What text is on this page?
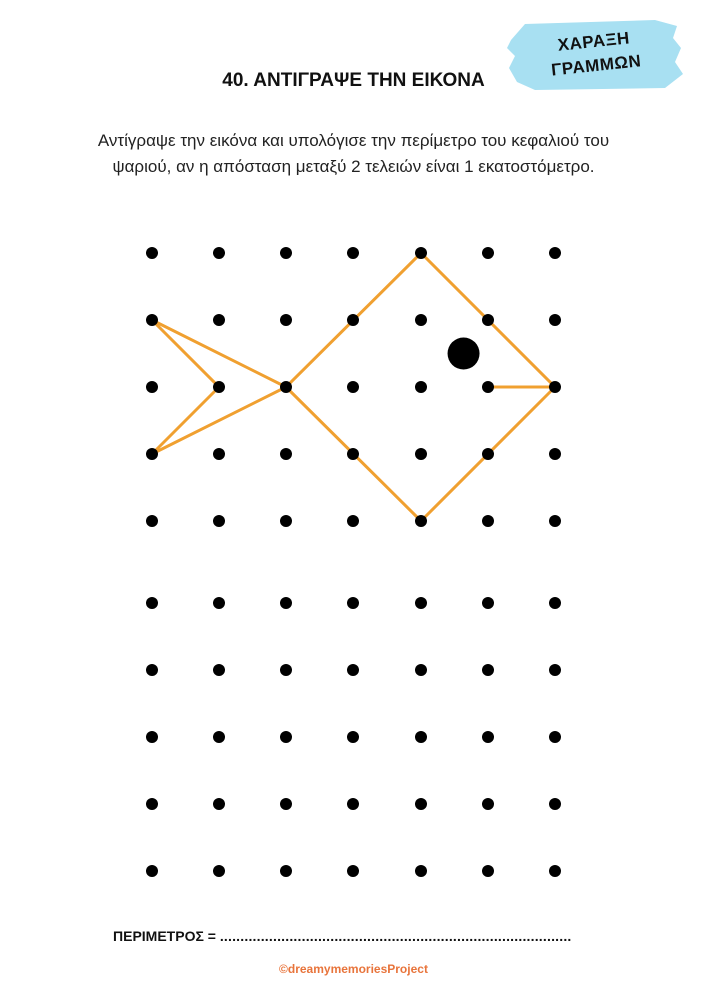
ΧΑΡΑΞΗ
ΓΡΑΜΜΩΝ
40. ΑΝΤΙΓΡΑΨΕ ΤΗΝ ΕΙΚΟΝΑ
Αντίγραψε την εικόνα και υπολόγισε την περίμετρο του κεφαλιού του ψαριού, αν η απόσταση μεταξύ 2 τελειών είναι 1 εκατοστόμετρο.
ΠΕΡΙΜΕΤΡΟΣ = ......................................................................................
©dreamymemoriesProject
